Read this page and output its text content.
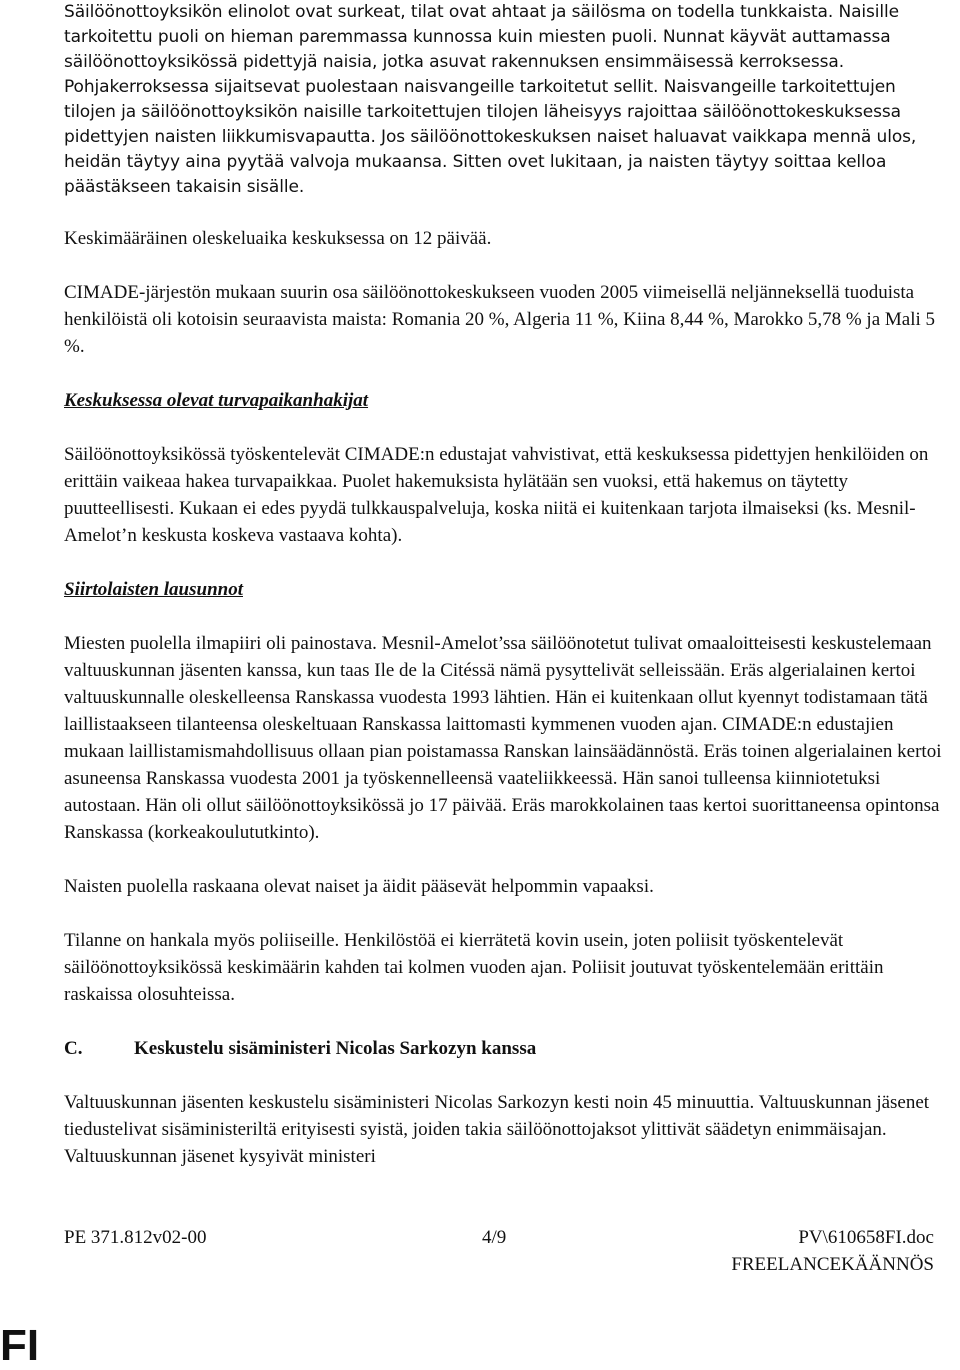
Säilöönottoyksikön elinolot ovat surkeat, tilat ovat ahtaat ja säilösma on todella tunkkaista. Naisille tarkoitettu puoli on hieman paremmassa kunnossa kuin miesten puoli. Nunnat käyvät auttamassa säilöönottoyksikössä pidettyjä naisia, jotka asuvat rakennuksen ensimmäisessä kerroksessa. Pohjakerroksessa sijaitsevat puolestaan naisvangeille tarkoitetut sellit. Naisvangeille tarkoitettujen tilojen ja säilöönottoyksikön naisille tarkoitettujen tilojen läheisyys rajoittaa säilöönottokeskuksessa pidettyjen naisten liikkumisvapautta. Jos säilöönottokeskuksen naiset haluavat vaikkapa mennä ulos, heidän täytyy aina pyytää valvoja mukaansa. Sitten ovet lukitaan, ja naisten täytyy soittaa kelloa päästäkseen takaisin sisälle.

Keskimääräinen oleskeluaika keskuksessa on 12 päivää.

CIMADE-järjestön mukaan suurin osa säilöönottokeskukseen vuoden 2005 viimeisellä neljänneksellä tuoduista henkilöistä oli kotoisin seuraavista maista: Romania 20 %, Algeria 11 %, Kiina 8,44 %, Marokko 5,78 % ja Mali 5 %.

Keskuksessa olevat turvapaikanhakijat

Säilöönottoyksikössä työskentelevät CIMADE:n edustajat vahvistivat, että keskuksessa pidettyjen henkilöiden on erittäin vaikeaa hakea turvapaikkaa. Puolet hakemuksista hylätään sen vuoksi, että hakemus on täytetty puutteellisesti. Kukaan ei edes pyydä tulkkauspalveluja, koska niitä ei kuitenkaan tarjota ilmaiseksi (ks. Mesnil-Amelot’n keskusta koskeva vastaava kohta).

Siirtolaisten lausunnot

Miesten puolella ilmapiiri oli painostava. Mesnil-Amelot’ssa säilöönotetut tulivat omaaloitteisesti keskustelemaan valtuuskunnan jäsenten kanssa, kun taas Ile de la Citéssä nämä pysyttelivät selleissään. Eräs algerialainen kertoi valtuuskunnalle oleskelleensa Ranskassa vuodesta 1993 lähtien. Hän ei kuitenkaan ollut kyennyt todistamaan tätä laillistaakseen tilanteensa oleskeltuaan Ranskassa laittomasti kymmenen vuoden ajan. CIMADE:n edustajien mukaan laillistamismahdollisuus ollaan pian poistamassa Ranskan lainsäädännöstä. Eräs toinen algerialainen kertoi asuneensa Ranskassa vuodesta 2001 ja työskennelleensä vaateliikkeessä. Hän sanoi tulleensa kiinniotetuksi autostaan. Hän oli ollut säilöönottoyksikössä jo 17 päivää. Eräs marokkolainen taas kertoi suorittaneensa opintonsa Ranskassa (korkeakoulututkinto).

Naisten puolella raskaana olevat naiset ja äidit pääsevät helpommin vapaaksi.

Tilanne on hankala myös poliiseille. Henkilöstöä ei kierrätetä kovin usein, joten poliisit työskentelevät säilöönottoyksikössä keskimäärin kahden tai kolmen vuoden ajan. Poliisit joutuvat työskentelemään erittäin raskaissa olosuhteissa.

C.	Keskustelu sisäministeri Nicolas Sarkozyn kanssa

Valtuuskunnan jäsenten keskustelu sisäministeri Nicolas Sarkozyn kesti noin 45 minuuttia. Valtuuskunnan jäsenet tiedustelivat sisäministeriltä erityisesti syistä, joiden takia säilöönottojaksot ylittivät säädetyn enimmäisajan. Valtuuskunnan jäsenet kysyivät ministeri

PE 371.812v02-00	4/9	PV\610658FI.doc
FREELANCEKÄÄNNÖS
FI
